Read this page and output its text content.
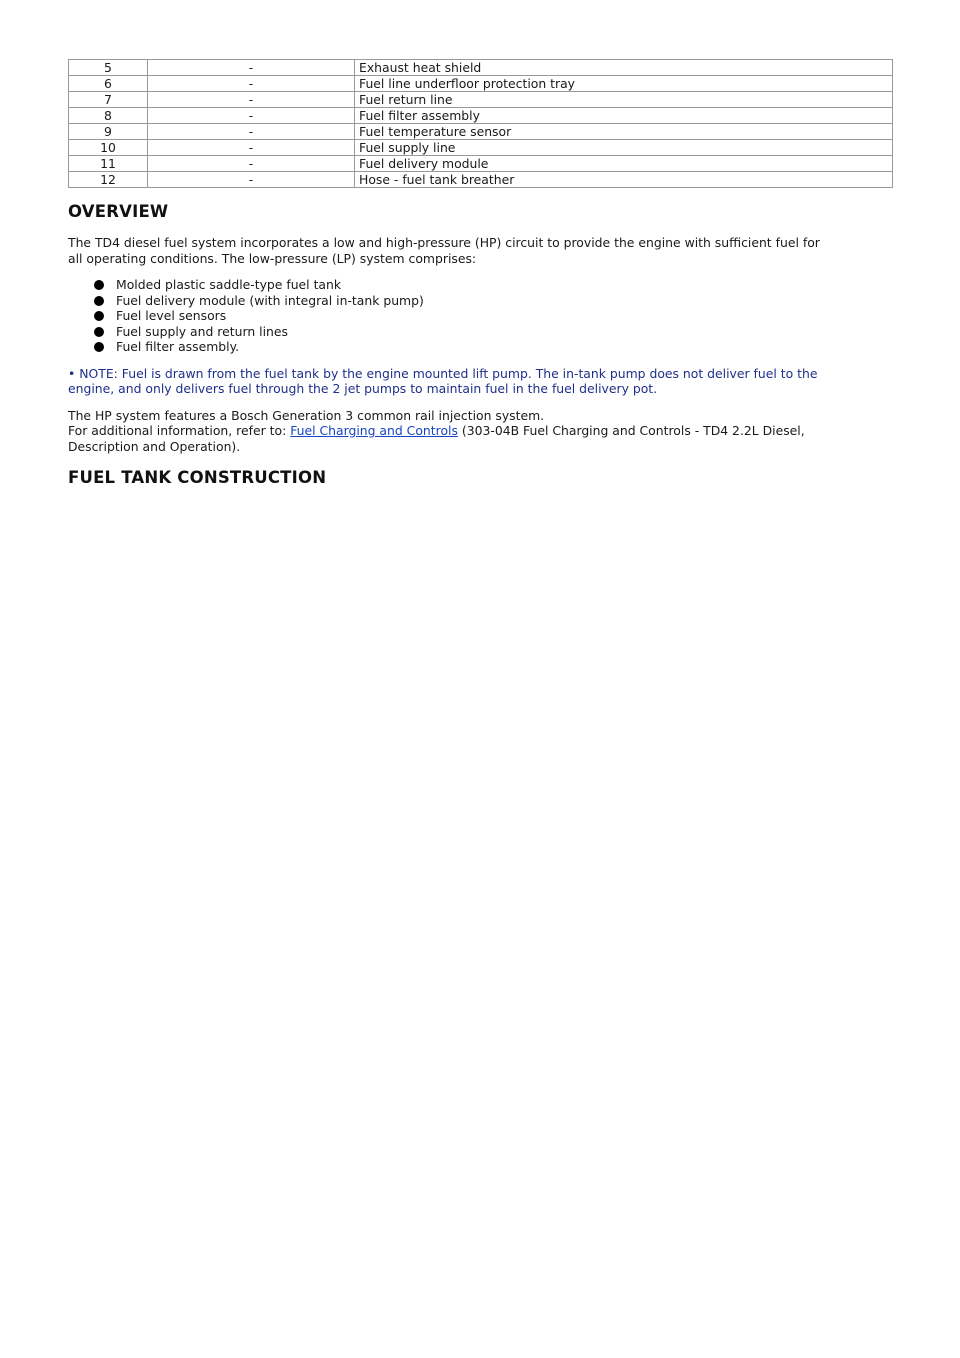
5	-	Exhaust heat shield
6	-	Fuel line underfloor protection tray
7	-	Fuel return line
8	-	Fuel filter assembly
9	-	Fuel temperature sensor
10	-	Fuel supply line
11	-	Fuel delivery module
12	-	Hose - fuel tank breather
OVERVIEW

The TD4 diesel fuel system incorporates a low and high-pressure (HP) circuit to provide the engine with sufficient fuel for
all operating conditions. The low-pressure (LP) system comprises:

Molded plastic saddle-type fuel tank
Fuel delivery module (with integral in-tank pump)
Fuel level sensors
Fuel supply and return lines
Fuel filter assembly.

• NOTE: Fuel is drawn from the fuel tank by the engine mounted lift pump. The in-tank pump does not deliver fuel to the
engine, and only delivers fuel through the 2 jet pumps to maintain fuel in the fuel delivery pot.

The HP system features a Bosch Generation 3 common rail injection system.
For additional information, refer to: Fuel Charging and Controls (303-04B Fuel Charging and Controls - TD4 2.2L Diesel,
Description and Operation).

FUEL TANK CONSTRUCTION
